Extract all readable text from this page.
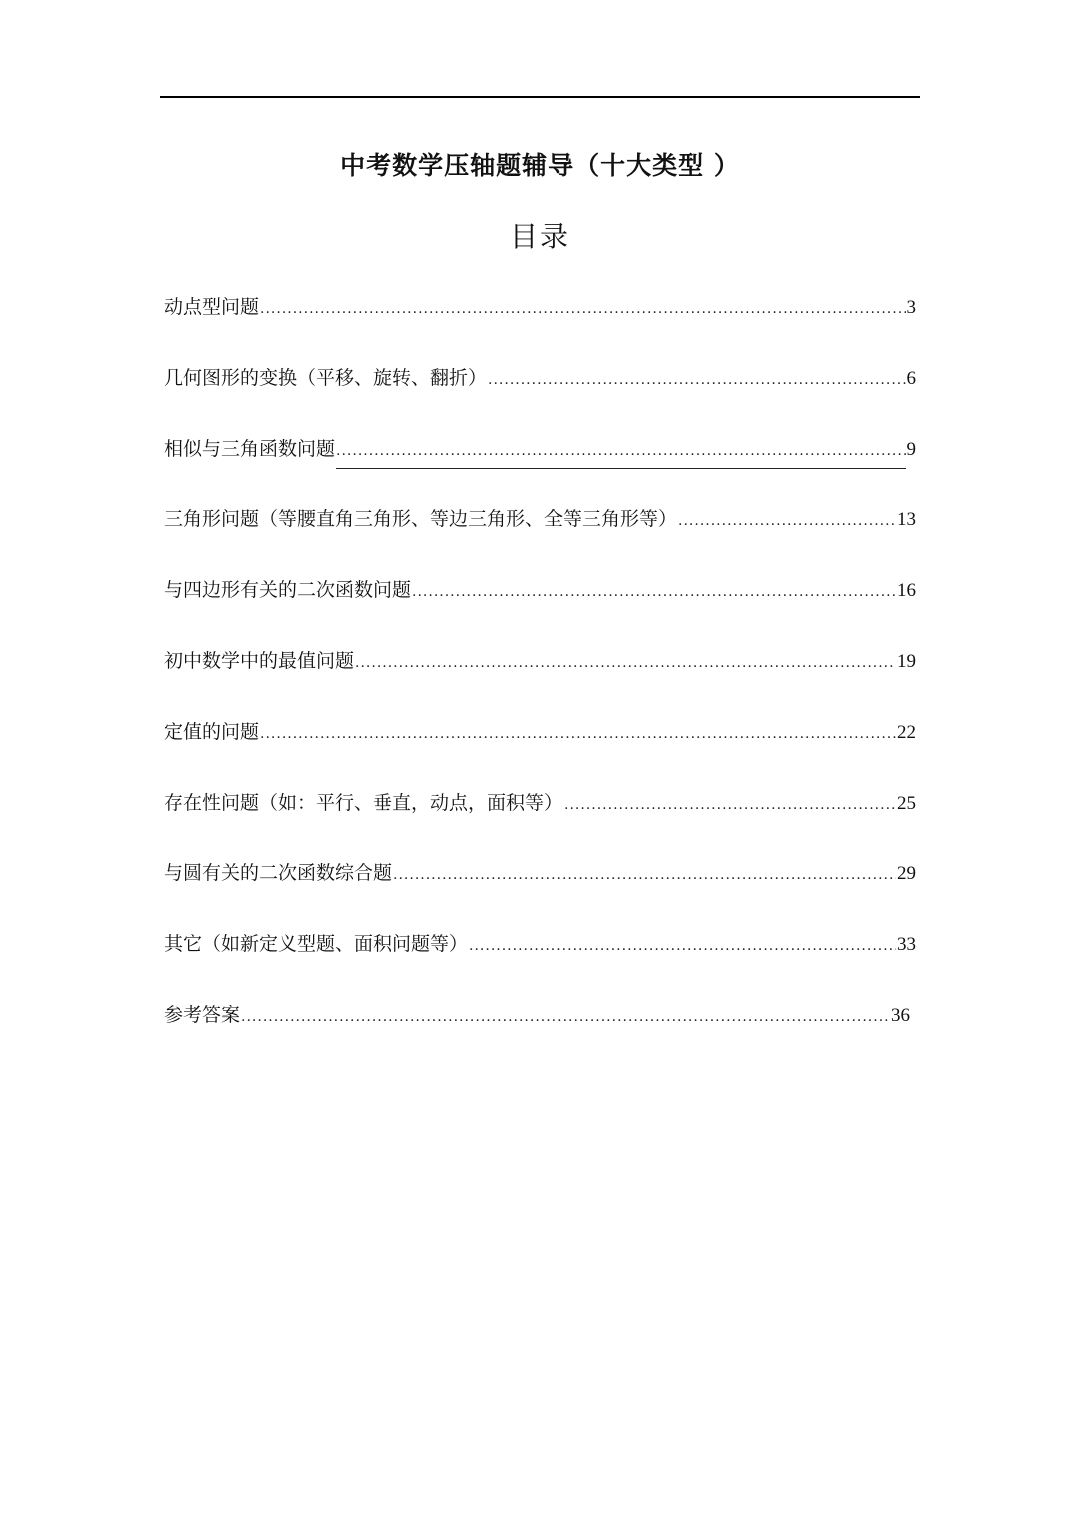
中考数学压轴题辅导（十大类型 ）
目录
动点型问题 .....	3
几何图形的变换（平移、旋转、翻折） .....	6
相似与三角函数问题 .....	9
三角形问题（等腰直角三角形、等边三角形、全等三角形等） .....	13
与四边形有关的二次函数问题 .....	16
初中数学中的最值问题 .....	19
定值的问题 .....	22
存在性问题（如：平行、垂直，动点，面积等） .....	25
与圆有关的二次函数综合题 .....	29
其它（如新定义型题、面积问题等） .....	33
参考答案 .....	36
